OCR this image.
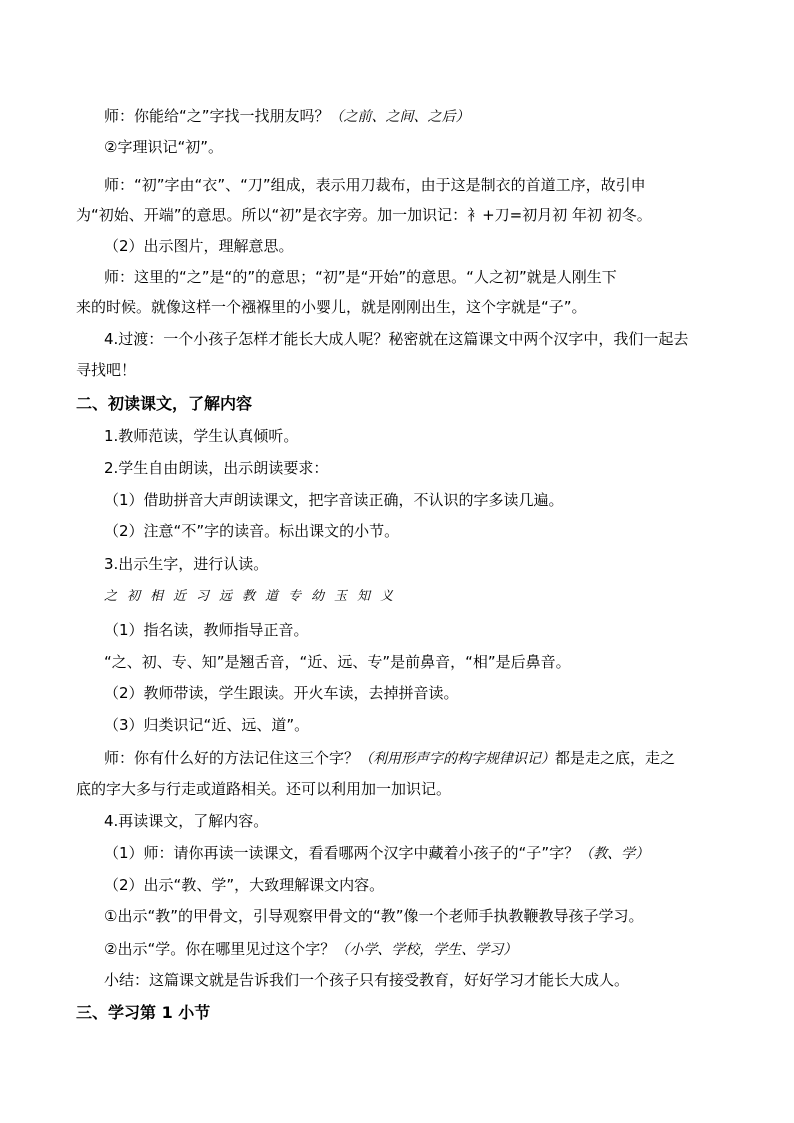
师：你能给“之”字找一找朋友吗？（之前、之间、之后）
②字理识记“初”。
师：“初”字由“衣”、“刀”组成，表示用刀裁布，由于这是制衣的首道工序，故引申
为“初始、开端”的意思。所以“初”是衣字旁。加一加识记：衤+刀=初月初 年初 初冬。
（2）出示图片，理解意思。
师：这里的“之”是“的”的意思；“初”是“开始”的意思。“人之初”就是人刚生下
来的时候。就像这样一个襁褓里的小婴儿，就是刚刚出生，这个字就是“子”。
4.过渡：一个小孩子怎样才能长大成人呢？秘密就在这篇课文中两个汉字中，我们一起去
寻找吧！
二、初读课文，了解内容
1.教师范读，学生认真倾听。
2.学生自由朗读，出示朗读要求：
（1）借助拼音大声朗读课文，把字音读正确，不认识的字多读几遍。
（2）注意“不”字的读音。标出课文的小节。
3.出示生字，进行认读。
之初相近习远教道专幼玉知义
（1）指名读，教师指导正音。
“之、初、专、知”是翘舌音，“近、远、专”是前鼻音，“相”是后鼻音。
（2）教师带读，学生跟读。开火车读，去掉拼音读。
（3）归类识记“近、远、道”。
师：你有什么好的方法记住这三个字？（利用形声字的构字规律识记）都是走之底，走之
底的字大多与行走或道路相关。还可以利用加一加识记。
4.再读课文，了解内容。
（1）师：请你再读一读课文，看看哪两个汉字中藏着小孩子的“子”字？（教、学）
（2）出示“教、学”，大致理解课文内容。
①出示“教”的甲骨文，引导观察甲骨文的“教”像一个老师手执教鞭教导孩子学习。
②出示“学。你在哪里见过这个字？（小学、学校，学生、学习）
小结：这篇课文就是告诉我们一个孩子只有接受教育，好好学习才能长大成人。
三、学习第 1 小节
